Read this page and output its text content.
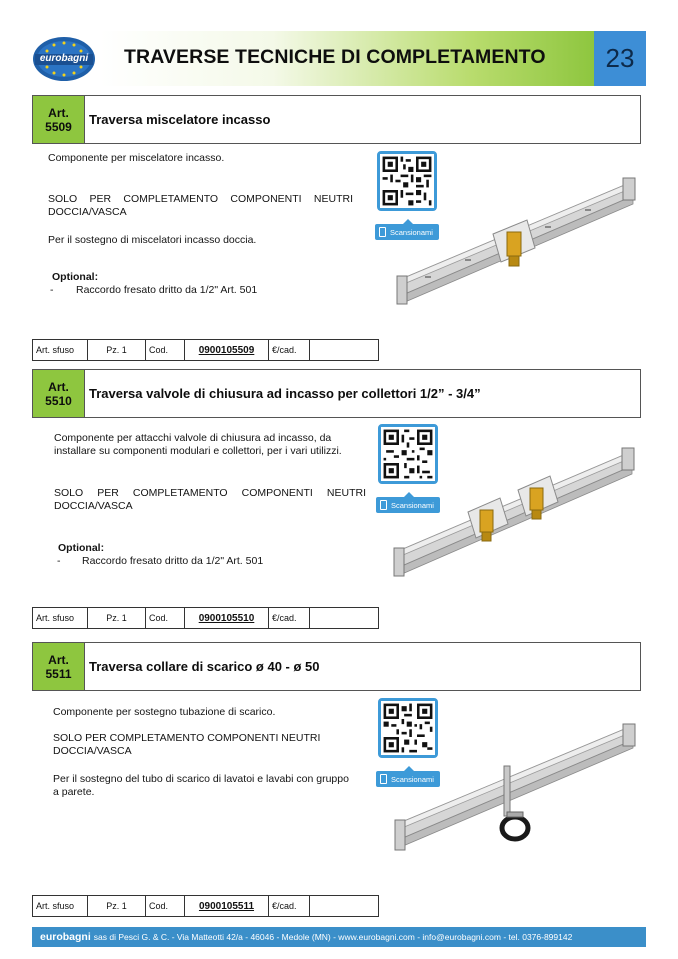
eurobagni	TRAVERSE TECNICHE DI COMPLETAMENTO	23
Art.
5509 Traversa miscelatore incasso
Componente per miscelatore incasso.
SOLO PER COMPLETAMENTO COMPONENTI NEUTRI DOCCIA/VASCA
Per il sostegno di miscelatori incasso doccia.
Optional:
- Raccordo fresato dritto da 1/2" Art. 501
Scansionami
Art. sfuso	Pz. 1	Cod.	0900105509	€/cad.	
Art.
5510 Traversa valvole di chiusura ad incasso per collettori 1/2” - 3/4”
Componente per attacchi valvole di chiusura ad incasso, da installare su componenti modulari e collettori, per i vari utilizzi.
SOLO PER COMPLETAMENTO COMPONENTI NEUTRI DOCCIA/VASCA
Optional:
- Raccordo fresato dritto da 1/2" Art. 501
Scansionami
Art. sfuso	Pz. 1	Cod.	0900105510	€/cad.	
Art.
5511 Traversa collare di scarico ø 40 - ø 50
Componente per sostegno tubazione di scarico.
SOLO PER COMPLETAMENTO COMPONENTI NEUTRI DOCCIA/VASCA
Per il sostegno del tubo di scarico di lavatoi e lavabi con gruppo a parete.
Scansionami
Art. sfuso	Pz. 1	Cod.	0900105511	€/cad.	
eurobagni sas di Pesci G. & C. - Via Matteotti 42/a - 46046 - Medole (MN) - www.eurobagni.com - info@eurobagni.com - tel. 0376-899142
